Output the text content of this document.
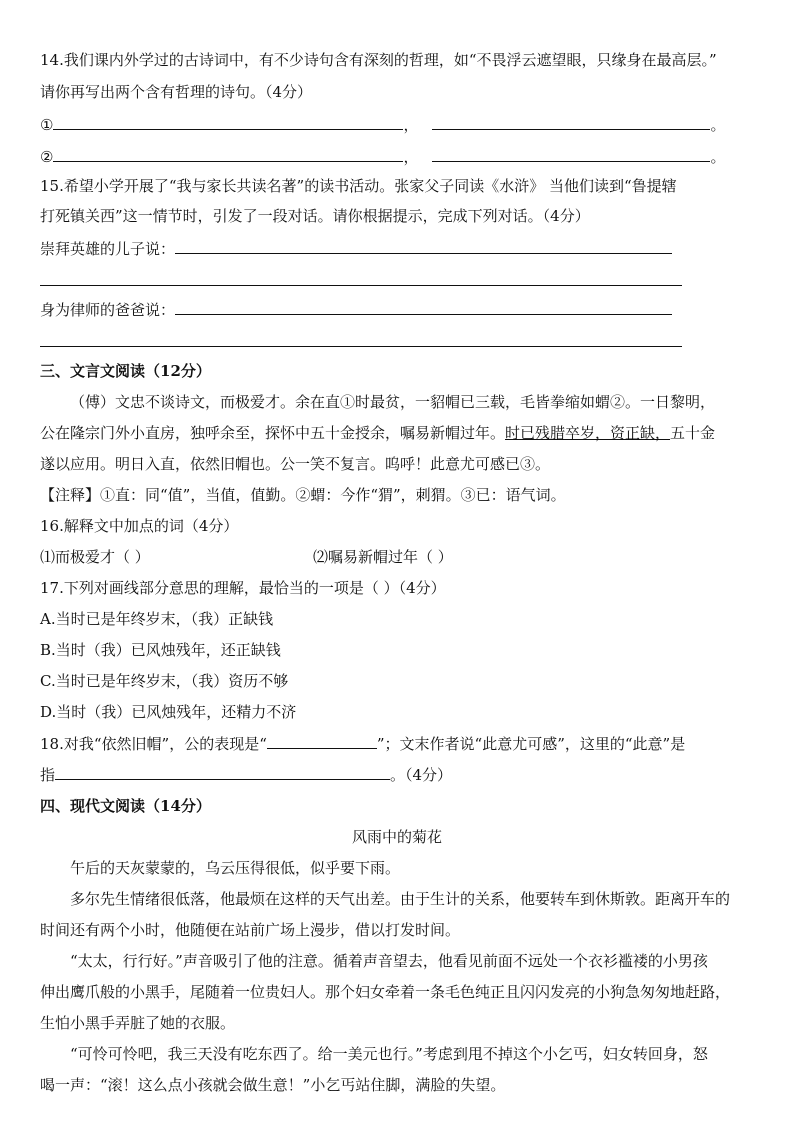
14.我们课内外学过的古诗词中，有不少诗句含有深刻的哲理，如“不畏浮云遮望眼，只缘身在最高层。”
请你再写出两个含有哲理的诗句。（4分）
①	，	。
②	，	。
15.希望小学开展了“我与家长共读名著”的读书活动。张家父子同读《水浒》 当他们读到“鲁提辖
打死镇关西”这一情节时，引发了一段对话。请你根据提示，完成下列对话。（4分）
崇拜英雄的儿子说：
身为律师的爸爸说：
三、文言文阅读（12分）
（傅）文忠不谈诗文，而极爱才。余在直①时最贫，一貂帽已三载，毛皆拳缩如蝟②。一日黎明，
公在隆宗门外小直房，独呼余至，探怀中五十金授余，嘱易新帽过年。时已残腊卒岁，资正缺，五十金
遂以应用。明日入直，依然旧帽也。公一笑不复言。呜呼！此意尤可感已③。
【注释】①直：同“值”，当值，值勤。②蝟：今作“猬”，刺猬。③已：语气词。
16.解释文中加点的词（4分）
⑴而极爱才（ ）	⑵嘱易新帽过年（ ）
17.下列对画线部分意思的理解，最恰当的一项是（ ）（4分）
A.当时已是年终岁末，（我）正缺钱
B.当时（我）已风烛残年，还正缺钱
C.当时已是年终岁末，（我）资历不够
D.当时（我）已风烛残年，还精力不济
18.对我“依然旧帽”，公的表现是“	”；文末作者说“此意尤可感”，这里的“此意”是
指	。（4分）
四、现代文阅读（14分）
风雨中的菊花
午后的天灰蒙蒙的，乌云压得很低，似乎要下雨。
多尔先生情绪很低落，他最烦在这样的天气出差。由于生计的关系，他要转车到休斯敦。距离开车的
时间还有两个小时，他随便在站前广场上漫步，借以打发时间。
“太太，行行好。”声音吸引了他的注意。循着声音望去，他看见前面不远处一个衣衫褴褛的小男孩
伸出鹰爪般的小黑手，尾随着一位贵妇人。那个妇女牵着一条毛色纯正且闪闪发亮的小狗急匆匆地赶路，
生怕小黑手弄脏了她的衣服。
“可怜可怜吧，我三天没有吃东西了。给一美元也行。”考虑到甩不掉这个小乞丐，妇女转回身，怒
喝一声：“滚！这么点小孩就会做生意！”小乞丐站住脚，满脸的失望。
